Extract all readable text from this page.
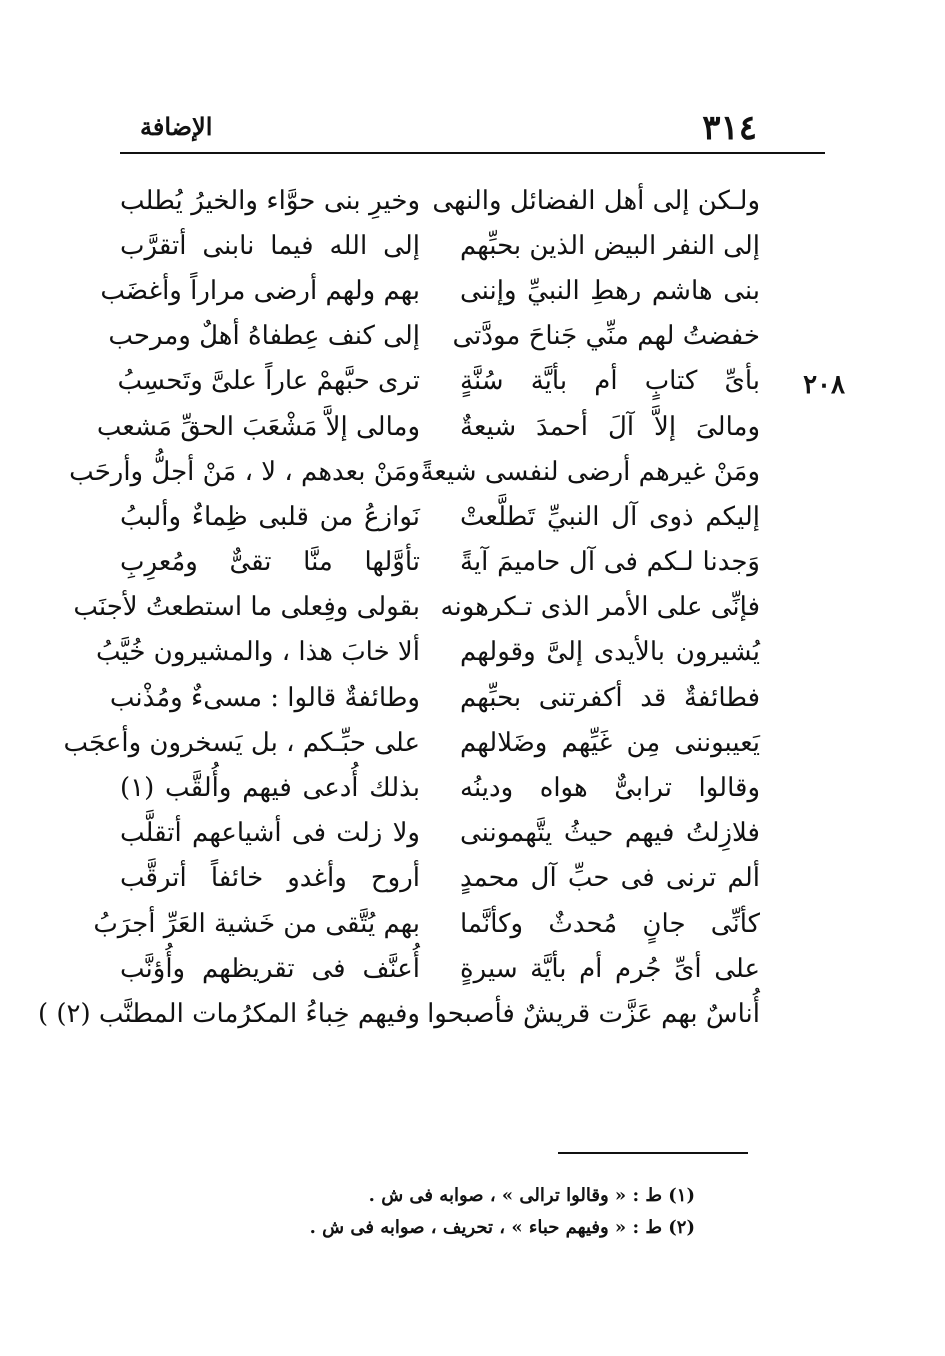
٣١٤
الإضافة
٢٠٨
ولـكن إلى أهل الفضائل والنهى
وخيرِ بنى حوَّاء والخيرُ يُطلب
إلى النفر البيض الذين بحبِّهم
إلى الله فيما نابنى أتقرَّب
بنى هاشم رهطِ النبيِّ وإننى
بهم ولهم أرضى مراراً وأغضَب
خفضتُ لهم منِّي جَناحَ مودَّتى
إلى كنف عِطفاهُ أهلٌ ومرحب
بأىِّ كتابٍ أم بأيَّة سُنَّةٍ
ترى حبَّهمْ عاراً علىَّ وتَحسِبُ
ومالىَ إلاَّ آلَ أحمدَ شيعةٌ
ومالى إلاَّ مَشْعَبَ الحقِّ مَشعب
ومَنْ غيرهم أرضى لنفسى شيعةً
ومَنْ بعدهم ، لا ، مَنْ أجلُّ وأرحَب
إليكم ذوى آل النبيِّ تَطلَّعتْ
نَوازعُ من قلبى ظِماءٌ وألببُ
وَجدنا لـكم فى آل حاميمَ آيةً
تأوَّلها منَّا تقىٌّ ومُعرِبِ
فإنِّى على الأمر الذى تـكرهونه
بقولى وفِعلى ما استطعتُ لأجنَب
يُشيرون بالأيدى إلىَّ وقولهم
ألا خابَ هذا ، والمشيرون خُيَّبُ
فطائفةٌ قد أكفرتنى بحبِّهم
وطائفةٌ قالوا : مسىءٌ ومُذْنب
يَعيبوننى مِن غَيِّهم وضَلالهم
على حبِّـكم ، بل يَسخرون وأعجَب
وقالوا ترابىٌّ هواه ودينُه
بذلك أُدعى فيهم وأُلقَّب (١)
فلازِلتُ فيهم حيثُ يتَّهموننى
ولا زلت فى أشياعهم أتقلَّب
ألم ترنى فى حبِّ آل محمدٍ
أروح وأغدو خائفاً أترقَّب
كأنِّى جانٍ مُحدثٌ وكأنَّما
بهم يُتَّقى من خَشية العَرِّ أجرَبُ
على أىِّ جُرم أم بأيَّة سيرةٍ
أُعنَّف فى تقريظهم وأُؤنَّب
أُناسٌ بهم عَزَّت قريشٌ فأصبحوا
وفيهم خِباءُ المكرُمات المطنَّب (٢) )
(١) ط : « وقالوا ترالى » ، صوابه فى ش .
(٢) ط : « وفيهم حباء » ، تحريف ، صوابه فى ش .
